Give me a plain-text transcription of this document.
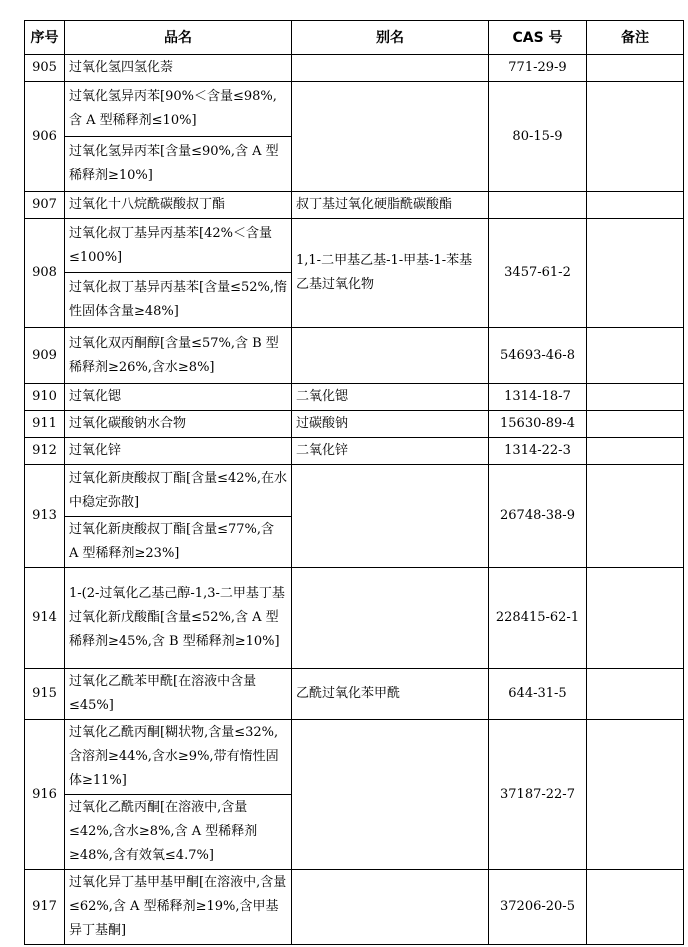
序号	品名	别名	CAS 号	备注
905	过氧化氢四氢化萘		771-29-9	
906	过氧化氢异丙苯[90%＜含量≤98%,含 A 型稀释剂≤10%]		80-15-9	
	过氧化氢异丙苯[含量≤90%,含 A 型稀释剂≥10%]			
907	过氧化十八烷酰碳酸叔丁酯	叔丁基过氧化硬脂酰碳酸酯		
908	过氧化叔丁基异丙基苯[42%＜含量≤100%]	1,1-二甲基乙基-1-甲基-1-苯基乙基过氧化物	3457-61-2	
	过氧化叔丁基异丙基苯[含量≤52%,惰性固体含量≥48%]			
909	过氧化双丙酮醇[含量≤57%,含 B 型稀释剂≥26%,含水≥8%]		54693-46-8	
910	过氧化锶	二氧化锶	1314-18-7	
911	过氧化碳酸钠水合物	过碳酸钠	15630-89-4	
912	过氧化锌	二氧化锌	1314-22-3	
913	过氧化新庚酸叔丁酯[含量≤42%,在水中稳定弥散]		26748-38-9	
	过氧化新庚酸叔丁酯[含量≤77%,含 A 型稀释剂≥23%]			
914	1-(2-过氧化乙基己醇-1,3-二甲基丁基过氧化新戊酸酯[含量≤52%,含 A 型稀释剂≥45%,含 B 型稀释剂≥10%]		228415-62-1	
915	过氧化乙酰苯甲酰[在溶液中含量≤45%]	乙酰过氧化苯甲酰	644-31-5	
916	过氧化乙酰丙酮[糊状物,含量≤32%,含溶剂≥44%,含水≥9%,带有惰性固体≥11%]		37187-22-7	
	过氧化乙酰丙酮[在溶液中,含量≤42%,含水≥8%,含 A 型稀释剂≥48%,含有效氧≤4.7%]			
917	过氧化异丁基甲基甲酮[在溶液中,含量≤62%,含 A 型稀释剂≥19%,含甲基异丁基酮]		37206-20-5	
